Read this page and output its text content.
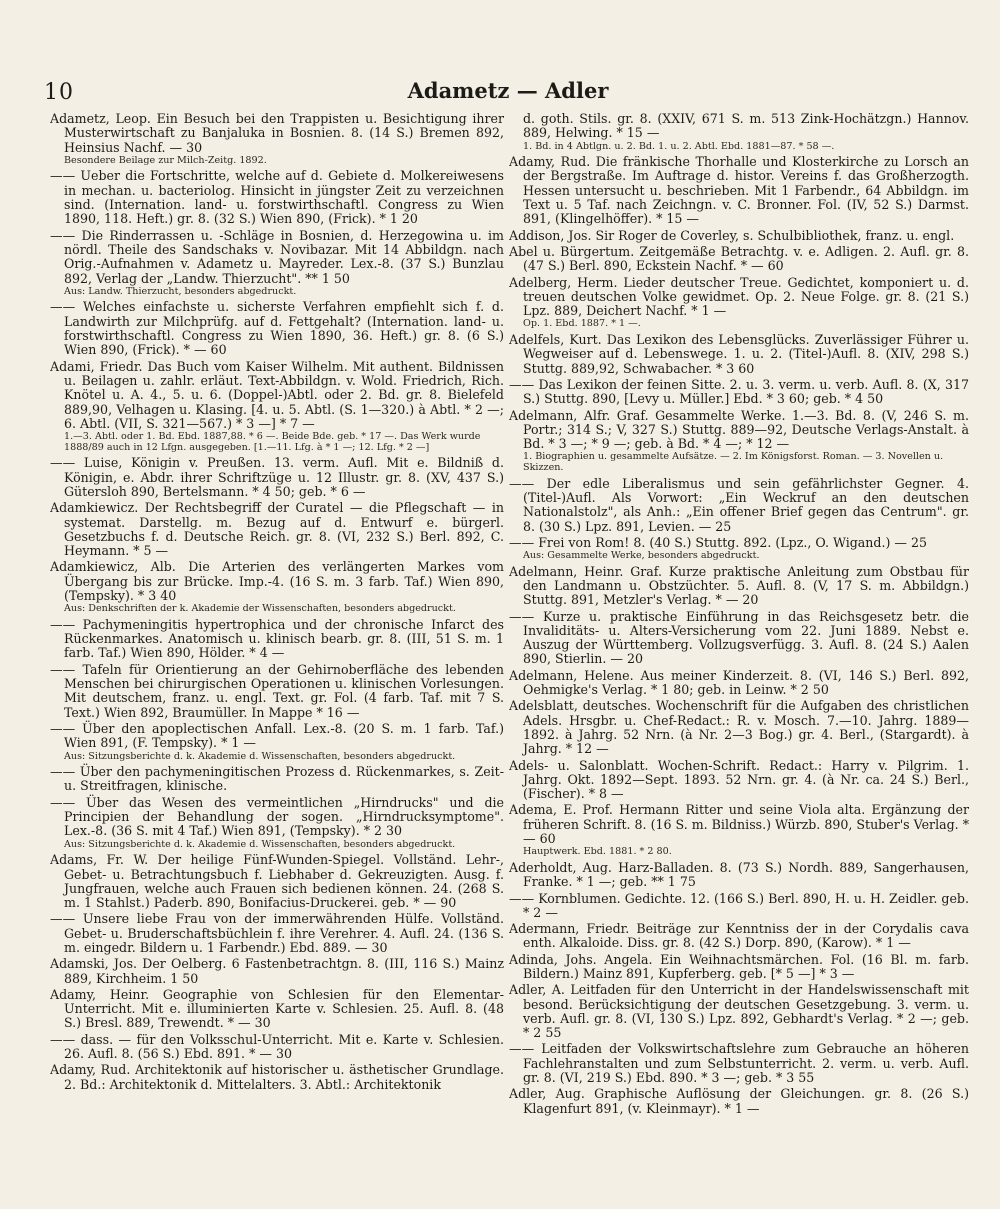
10	Adametz — Adler

Adametz, Leop. Ein Besuch bei den Trappisten u. Besichtigung ihrer Musterwirtschaft zu Banjaluka in Bosnien. 8. (14 S.) Bremen 892, Heinsius Nachf. — 30

Besondere Beilage zur Milch-Zeitg. 1892.

—— Ueber die Fortschritte, welche auf d. Gebiete d. Molkereiwesens in mechan. u. bacteriolog. Hinsicht in jüngster Zeit zu verzeichnen sind. (Internation. land- u. forstwirthschaftl. Congress zu Wien 1890, 118. Heft.) gr. 8. (32 S.) Wien 890, (Frick). * 1 20

—— Die Rinderrassen u. -Schläge in Bosnien, d. Herzegowina u. im nördl. Theile des Sandschaks v. Novibazar. Mit 14 Abbildgn. nach Orig.-Aufnahmen v. Adametz u. Mayreder. Lex.-8. (37 S.) Bunzlau 892, Verlag der „Landw. Thierzucht". ** 1 50

Aus: Landw. Thierzucht, besonders abgedruckt.

—— Welches einfachste u. sicherste Verfahren empfiehlt sich f. d. Landwirth zur Milchprüfg. auf d. Fettgehalt? (Internation. land- u. forstwirthschaftl. Congress zu Wien 1890, 36. Heft.) gr. 8. (6 S.) Wien 890, (Frick). * — 60

Adami, Friedr. Das Buch vom Kaiser Wilhelm. Mit authent. Bildnissen u. Beilagen u. zahlr. erläut. Text-Abbildgn. v. Wold. Friedrich, Rich. Knötel u. A. 4., 5. u. 6. (Doppel-)Abtl. oder 2. Bd. gr. 8. Bielefeld 889,90, Velhagen u. Klasing. [4. u. 5. Abtl. (S. 1—320.) à Abtl. * 2 —; 6. Abtl. (VII, S. 321—567.) * 3 —] * 7 —

1.—3. Abtl. oder 1. Bd. Ebd. 1887,88. * 6 —. Beide Bde. geb. * 17 —. Das Werk wurde 1888/89 auch in 12 Lfgn. ausgegeben. [1.—11. Lfg. à * 1 —; 12. Lfg. * 2 —]

—— Luise, Königin v. Preußen. 13. verm. Aufl. Mit e. Bildniß d. Königin, e. Abdr. ihrer Schriftzüge u. 12 Illustr. gr. 8. (XV, 437 S.) Gütersloh 890, Bertelsmann. * 4 50; geb. * 6 —

Adamkiewicz. Der Rechtsbegriff der Curatel — die Pflegschaft — in systemat. Darstellg. m. Bezug auf d. Entwurf e. bürgerl. Gesetzbuchs f. d. Deutsche Reich. gr. 8. (VI, 232 S.) Berl. 892, C. Heymann. * 5 —

Adamkiewicz, Alb. Die Arterien des verlängerten Markes vom Übergang bis zur Brücke. Imp.-4. (16 S. m. 3 farb. Taf.) Wien 890, (Tempsky). * 3 40

Aus: Denkschriften der k. Akademie der Wissenschaften, besonders abgedruckt.

—— Pachymeningitis hypertrophica und der chronische Infarct des Rückenmarkes. Anatomisch u. klinisch bearb. gr. 8. (III, 51 S. m. 1 farb. Taf.) Wien 890, Hölder. * 4 —

—— Tafeln für Orientierung an der Gehirnoberfläche des lebenden Menschen bei chirurgischen Operationen u. klinischen Vorlesungen. Mit deutschem, franz. u. engl. Text. gr. Fol. (4 farb. Taf. mit 7 S. Text.) Wien 892, Braumüller. In Mappe * 16 —

—— Über den apoplectischen Anfall. Lex.-8. (20 S. m. 1 farb. Taf.) Wien 891, (F. Tempsky). * 1 —

Aus: Sitzungsberichte d. k. Akademie d. Wissenschaften, besonders abgedruckt.

—— Über den pachymeningitischen Prozess d. Rückenmarkes, s. Zeit- u. Streitfragen, klinische.

—— Über das Wesen des vermeintlichen „Hirndrucks" und die Principien der Behandlung der sogen. „Hirndrucksymptome". Lex.-8. (36 S. mit 4 Taf.) Wien 891, (Tempsky). * 2 30

Aus: Sitzungsberichte d. k. Akademie d. Wissenschaften, besonders abgedruckt.

Adams, Fr. W. Der heilige Fünf-Wunden-Spiegel. Vollständ. Lehr-, Gebet- u. Betrachtungsbuch f. Liebhaber d. Gekreuzigten. Ausg. f. Jungfrauen, welche auch Frauen sich bedienen können. 24. (268 S. m. 1 Stahlst.) Paderb. 890, Bonifacius-Druckerei. geb. * — 90

—— Unsere liebe Frau von der immerwährenden Hülfe. Vollständ. Gebet- u. Bruderschaftsbüchlein f. ihre Verehrer. 4. Aufl. 24. (136 S. m. eingedr. Bildern u. 1 Farbendr.) Ebd. 889. — 30

Adamski, Jos. Der Oelberg. 6 Fastenbetrachtgn. 8. (III, 116 S.) Mainz 889, Kirchheim. 1 50

Adamy, Heinr. Geographie von Schlesien für den Elementar-Unterricht. Mit e. illuminierten Karte v. Schlesien. 25. Aufl. 8. (48 S.) Bresl. 889, Trewendt. * — 30

—— dass. — für den Volksschul-Unterricht. Mit e. Karte v. Schlesien. 26. Aufl. 8. (56 S.) Ebd. 891. * — 30

Adamy, Rud. Architektonik auf historischer u. ästhetischer Grundlage. 2. Bd.: Architektonik d. Mittelalters. 3. Abtl.: Architektonik

d. goth. Stils. gr. 8. (XXIV, 671 S. m. 513 Zink-Hochätzgn.) Hannov. 889, Helwing. * 15 —

1. Bd. in 4 Abtlgn. u. 2. Bd. 1. u. 2. Abtl. Ebd. 1881—87. * 58 —.

Adamy, Rud. Die fränkische Thorhalle und Klosterkirche zu Lorsch an der Bergstraße. Im Auftrage d. histor. Vereins f. das Großherzogth. Hessen untersucht u. beschrieben. Mit 1 Farbendr., 64 Abbildgn. im Text u. 5 Taf. nach Zeichngn. v. C. Bronner. Fol. (IV, 52 S.) Darmst. 891, (Klingelhöffer). * 15 —

Addison, Jos. Sir Roger de Coverley, s. Schulbibliothek, franz. u. engl.

Abel u. Bürgertum. Zeitgemäße Betrachtg. v. e. Adligen. 2. Aufl. gr. 8. (47 S.) Berl. 890, Eckstein Nachf. * — 60

Adelberg, Herm. Lieder deutscher Treue. Gedichtet, komponiert u. d. treuen deutschen Volke gewidmet. Op. 2. Neue Folge. gr. 8. (21 S.) Lpz. 889, Deichert Nachf. * 1 —

Op. 1. Ebd. 1887. * 1 —.

Adelfels, Kurt. Das Lexikon des Lebensglücks. Zuverlässiger Führer u. Wegweiser auf d. Lebenswege. 1. u. 2. (Titel-)Aufl. 8. (XIV, 298 S.) Stuttg. 889,92, Schwabacher. * 3 60

—— Das Lexikon der feinen Sitte. 2. u. 3. verm. u. verb. Aufl. 8. (X, 317 S.) Stuttg. 890, [Levy u. Müller.] Ebd. * 3 60; geb. * 4 50

Adelmann, Alfr. Graf. Gesammelte Werke. 1.—3. Bd. 8. (V, 246 S. m. Portr.; 314 S.; V, 327 S.) Stuttg. 889—92, Deutsche Verlags-Anstalt. à Bd. * 3 —; * 9 —; geb. à Bd. * 4 —; * 12 —

1. Biographien u. gesammelte Aufsätze. — 2. Im Königsforst. Roman. — 3. Novellen u. Skizzen.

—— Der edle Liberalismus und sein gefährlichster Gegner. 4. (Titel-)Aufl. Als Vorwort: „Ein Weckruf an den deutschen Nationalstolz", als Anh.: „Ein offener Brief gegen das Centrum". gr. 8. (30 S.) Lpz. 891, Levien. — 25

—— Frei von Rom! 8. (40 S.) Stuttg. 892. (Lpz., O. Wigand.) — 25

Aus: Gesammelte Werke, besonders abgedruckt.

Adelmann, Heinr. Graf. Kurze praktische Anleitung zum Obstbau für den Landmann u. Obstzüchter. 5. Aufl. 8. (V, 17 S. m. Abbildgn.) Stuttg. 891, Metzler's Verlag. * — 20

—— Kurze u. praktische Einführung in das Reichsgesetz betr. die Invaliditäts- u. Alters-Versicherung vom 22. Juni 1889. Nebst e. Auszug der Württemberg. Vollzugsverfügg. 3. Aufl. 8. (24 S.) Aalen 890, Stierlin. — 20

Adelmann, Helene. Aus meiner Kinderzeit. 8. (VI, 146 S.) Berl. 892, Oehmigke's Verlag. * 1 80; geb. in Leinw. * 2 50

Adelsblatt, deutsches. Wochenschrift für die Aufgaben des christlichen Adels. Hrsgbr. u. Chef-Redact.: R. v. Mosch. 7.—10. Jahrg. 1889—1892. à Jahrg. 52 Nrn. (à Nr. 2—3 Bog.) gr. 4. Berl., (Stargardt). à Jahrg. * 12 —

Adels- u. Salonblatt. Wochen-Schrift. Redact.: Harry v. Pilgrim. 1. Jahrg. Okt. 1892—Sept. 1893. 52 Nrn. gr. 4. (à Nr. ca. 24 S.) Berl., (Fischer). * 8 —

Adema, E. Prof. Hermann Ritter und seine Viola alta. Ergänzung der früheren Schrift. 8. (16 S. m. Bildniss.) Würzb. 890, Stuber's Verlag. * — 60

Hauptwerk. Ebd. 1881. * 2 80.

Aderholdt, Aug. Harz-Balladen. 8. (73 S.) Nordh. 889, Sangerhausen, Franke. * 1 —; geb. ** 1 75

—— Kornblumen. Gedichte. 12. (166 S.) Berl. 890, H. u. H. Zeidler. geb. * 2 —

Adermann, Friedr. Beiträge zur Kenntniss der in der Corydalis cava enth. Alkaloide. Diss. gr. 8. (42 S.) Dorp. 890, (Karow). * 1 —

Adinda, Johs. Angela. Ein Weihnachtsmärchen. Fol. (16 Bl. m. farb. Bildern.) Mainz 891, Kupferberg. geb. [* 5 —] * 3 —

Adler, A. Leitfaden für den Unterricht in der Handelswissenschaft mit besond. Berücksichtigung der deutschen Gesetzgebung. 3. verm. u. verb. Aufl. gr. 8. (VI, 130 S.) Lpz. 892, Gebhardt's Verlag. * 2 —; geb. * 2 55

—— Leitfaden der Volkswirtschaftslehre zum Gebrauche an höheren Fachlehranstalten und zum Selbstunterricht. 2. verm. u. verb. Aufl. gr. 8. (VI, 219 S.) Ebd. 890. * 3 —; geb. * 3 55

Adler, Aug. Graphische Auflösung der Gleichungen. gr. 8. (26 S.) Klagenfurt 891, (v. Kleinmayr). * 1 —
